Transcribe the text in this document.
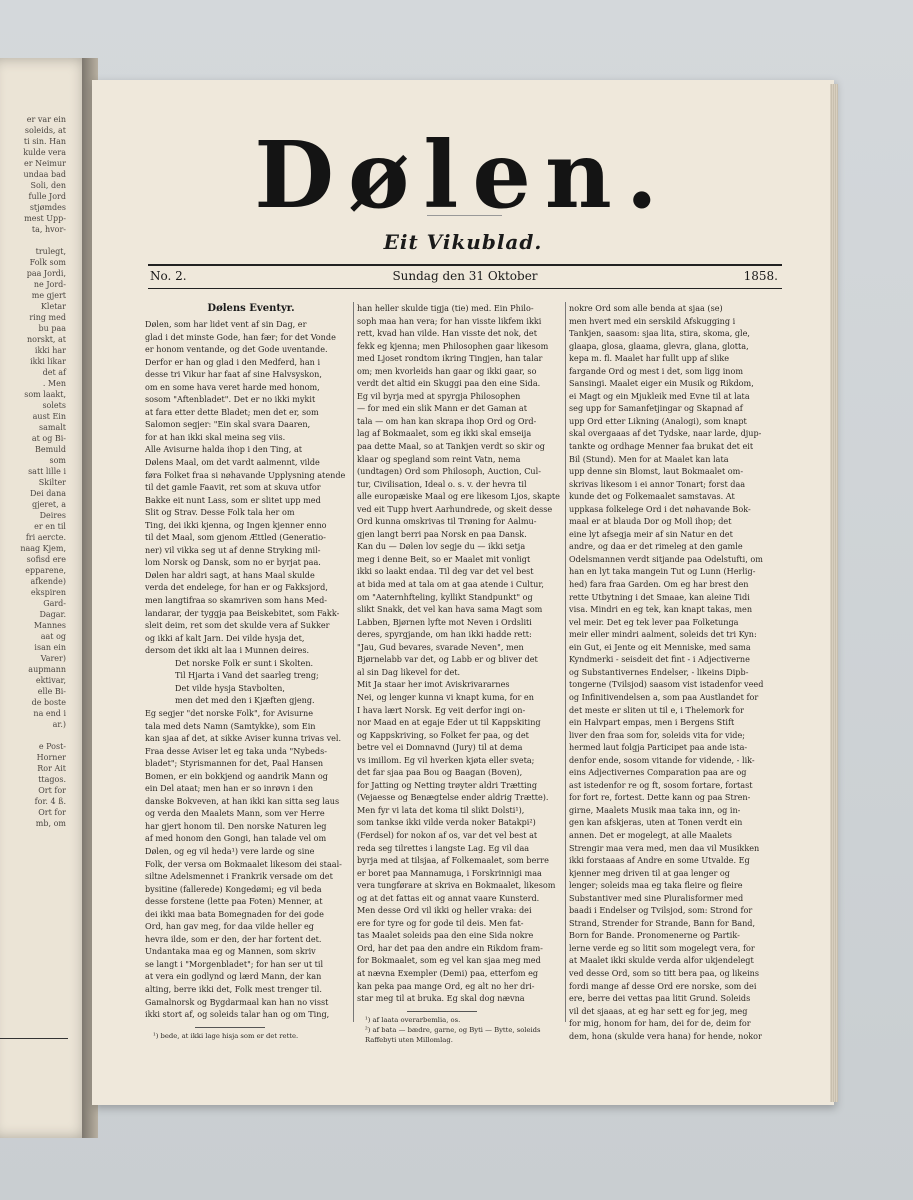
er var ein
soleids, at
ti sin. Han
kulde vera
er Neimur
undaa bad
Soli, den
fulle Jord
stjømdes
mest Upp-
ta, hvor-

trulegt,
Folk som
paa Jordi,
ne Jord-
me gjert
Kletar
ring med
bu paa
norskt, at
ikki har
ikki likar
det af
. Men
som laakt,
solets
aust Ein
samalt
at og Bi-
Bemuld
som
satt lille i
Skilter
Dei dana
gjeret, a
Deires
er en til
fri aercte.
naag Kjem,
sofisd ere
epparene,
afkende)
ekspiren
Gard-
Dagar.
Mannes
aat og
isan ein
Varer)
aupmann
ektivar,
elle Bi-
de boste
na end i
ar.)

e Post-
Horner
Ror Ait
ttagos.
Ort for
for. 4 ß.
Ort for
mb, om
Dølen.
Eit Vikublad.
No. 2.	Sundag den 31 Oktober	1858.
Dølens Eventyr.

Dølen, som har lidet vent af sin Dag, er
glad i det minste Gode, han fær; for det Vonde
er honom ventande, og det Gode uventande.
Derfor er han og glad i den Medferd, han i
desse tri Vikur har faat af sine Halvsyskon,
om en some hava veret harde med honom,
sosom "Aftenbladet". Det er no ikki mykit
at fara etter dette Bladet; men det er, som
Salomon segjer: "Ein skal svara Daaren,
for at han ikki skal meina seg viis.
Alle Avisurne halda ihop i den Ting, at
Dølens Maal, om det vardt aalmennt, vilde
føra Folket fraa si nøhavande Upplysning atende
til det gamle Faavit, ret som at skuva utfor
Bakke eit nunt Lass, som er slitet upp med
Slit og Strav. Desse Folk tala her om
Ting, dei ikki kjenna, og Ingen kjenner enno
til det Maal, som gjenom Ættled (Generatio-
ner) vil vikka seg ut af denne Stryking mil-
lom Norsk og Dansk, som no er byrjat paa.
Dølen har aldri sagt, at hans Maal skulde
verda det endelege, for han er og Fakksjord,
men langtifraa so skamriven som hans Med-
landarar, der tyggja paa Beiskebitet, som Fakk-
sleit deim, ret som det skulde vera af Sukker
og ikki af kalt Jarn. Dei vilde hysja det,
dersom det ikki alt laa i Munnen deires.

Det norske Folk er sunt i Skolten.
Til Hjarta i Vand det saarleg treng;
Det vilde hysja Stavbolten,
men det med den i Kjæften gjeng.

Eg segjer "det norske Folk", for Avisurne
tala med dets Namn (Samtykke), som Ein
kan sjaa af det, at sikke Aviser kunna trivas vel.
Fraa desse Aviser let eg taka unda "Nybeds-
bladet"; Styrismannen for det, Paal Hansen
Bomen, er ein bokkjend og aandrik Mann og
ein Del ataat; men han er so inrøvn i den
danske Bokveven, at han ikki kan sitta seg laus
og verda den Maalets Mann, som ver Herre
har gjert honom til. Den norske Naturen leg
af med honom den Gongi, han talade vel om
Dølen, og eg vil heda¹) vere larde og sine
Folk, der versa om Bokmaalet likesom dei staal-
siltne Adelsmennet i Frankrik versade om det
bysitine (fallerede) Kongedømi; eg vil beda
desse forstene (lette paa Foten) Menner, at
dei ikki maa bata Bomegnaden for dei gode
Ord, han gav meg, for daa vilde heller eg
hevra ilde, som er den, der har fortent det.
Undantaka maa eg og Mannen, som skriv
se langt i "Morgenbladet"; for han ser ut til
at vera ein godlynd og lærd Mann, der kan
alting, berre ikki det, Folk mest trenger til.
Gamalnorsk og Bygdarmaal kan han no visst
ikki stort af, og soleids talar han og om Ting,

¹) bede, at ikki lage hisja som er det rette.

han heller skulde tigja (tie) med. Ein Philo-
soph maa han vera; for han visste likfem ikki
rett, kvad han vilde. Han visste det nok, det
fekk eg kjenna; men Philosophen gaar likesom
med Ljoset rondtom ikring Tingjen, han talar
om; men kvorleids han gaar og ikki gaar, so
verdt det altid ein Skuggi paa den eine Sida.
Eg vil byrja med at spyrgja Philosophen
— for med ein slik Mann er det Gaman at
tala — om han kan skrapa ihop Ord og Ord-
lag af Bokmaalet, som eg ikki skal emseija
paa dette Maal, so at Tankjen verdt so skir og
klaar og spegland som reint Vatn, nema
(undtagen) Ord som Philosoph, Auction, Cul-
tur, Civilisation, Ideal o. s. v. der hevra til
alle europæiske Maal og ere likesom Ljos, skapte
ved eit Tupp hvert Aarhundrede, og skeit desse
Ord kunna omskrivas til Trøning for Aalmu-
gjen langt berri paa Norsk en paa Dansk.
Kan du — Dølen lov segje du — ikki setja
meg i denne Beit, so er Maalet mit vonligt
ikki so laakt endaa. Til deg var det vel best
at bida med at tala om at gaa atende i Cultur,
om "Aaternhfteling, kyllikt Standpunkt" og
slikt Snakk, det vel kan hava sama Magt som
Labben, Bjørnen lyfte mot Neven i Ordsliti
deres, spyrgjande, om han ikki hadde rett:
"Jau, Gud bevares, svarade Neven", men
Bjørnelabb var det, og Labb er og bliver det
al sin Dag likevel for det.
Mit Ja staar her imot Aviskrivararnes
Nei, og lenger kunna vi knapt kuma, for en
I hava lært Norsk. Eg veit derfor ingi on-
nor Maad en at egaje Eder ut til Kappskiting
og Kappskriving, so Folket fer paa, og det
betre vel ei Domnavnd (Jury) til at dema
vs imillom. Eg vil hverken kjøta eller sveta;
det far sjaa paa Bou og Baagan (Boven),
for Jatting og Netting trøyter aldri Trætting
(Vejaesse og Benægtelse ender aldrig Trætte).
Men fyr vi lata det koma til slikt Dolsti¹),
som tankse ikki vilde verda noker Batakpi²)
(Ferdsel) for nokon af os, var det vel best at
reda seg tilrettes i langste Lag. Eg vil daa
byrja med at tilsjaa, af Folkemaalet, som berre
er boret paa Mannamuga, i Forskrinnigi maa
vera tungførare at skriva en Bokmaalet, likesom
og at det fattas eit og annat vaare Kunsterd.
Men desse Ord vil ikki og heller vraka: dei
ere for tyre og for gode til deis. Men fat-
tas Maalet soleids paa den eine Sida nokre
Ord, har det paa den andre ein Rikdom fram-
for Bokmaalet, som eg vel kan sjaa meg med
at nævna Exempler (Demi) paa, etterfom eg
kan peka paa mange Ord, eg alt no her dri-
star meg til at bruka. Eg skal dog nævna

¹) af laata overarbemlia, os.
²) af bata — bædre, garne, og Byti — Bytte, soleids
Raffebyti uten Millomlag.

nokre Ord som alle benda at sjaa (se)
men hvert med ein serskild Afskugging i
Tankjen, saasom: sjaa lita, stira, skoma, gle,
glaapa, glosa, glaama, glevra, glana, glotta,
kepa m. fl. Maalet har fullt upp af slike
fargande Ord og mest i det, som ligg inom
Sansingi. Maalet eiger ein Musik og Rikdom,
ei Magt og ein Mjukleik med Evne til at lata
seg upp for Samanfetjingar og Skapnad af
upp Ord etter Likning (Analogi), som knapt
skal overgaaas af det Tydske, naar larde, djup-
tankte og ordhage Menner faa brukat det eit
Bil (Stund). Men for at Maalet kan lata
upp denne sin Blomst, laut Bokmaalet om-
skrivas likesom i ei annor Tonart; forst daa
kunde det og Folkemaalet samstavas. At
uppkasa folkelege Ord i det nøhavande Bok-
maal er at blauda Dor og Moll ihop; det
eine lyt afsegja meir af sin Natur en det
andre, og daa er det rimeleg at den gamle
Odelsmannen verdt sitjande paa Odelstufti, om
han en lyt taka mangein Tut og Lunn (Herlig-
hed) fara fraa Garden. Om eg har brest den
rette Utbytning i det Smaae, kan aleine Tidi
visa. Mindri en eg tek, kan knapt takas, men
vel meir. Det eg tek lever paa Folketunga
meir eller mindri aalment, soleids det tri Kyn:
ein Gut, ei Jente og eit Menniske, med sama
Kyndmerki - seisdeit det fint - i Adjectiverne
og Substantivernes Endelser, - likeins Dipb-
tongerne (Tvilsjod) saasom vist istadenfor veed
og Infinitivendelsen a, som paa Austlandet for
det meste er sliten ut til e, i Thelemork for
ein Halvpart empas, men i Bergens Stift
liver den fraa som for, soleids vita for vide;
hermed laut folgja Participet paa ande ista-
denfor ende, sosom vitande for vidende, - lik-
eins Adjectivernes Comparation paa are og
ast istedenfor re og ft, sosom fortare, fortast
for fort re, fortest. Dette kann og paa Stren-
girne, Maalets Musik maa taka inn, og in-
gen kan afskjeras, uten at Tonen verdt ein
annen. Det er mogelegt, at alle Maalets
Strengir maa vera med, men daa vil Musikken
ikki forstaaas af Andre en some Utvalde. Eg
kjenner meg driven til at gaa lenger og
lenger; soleids maa eg taka fleire og fleire
Substantiver med sine Pluralisformer med
baadi i Endelser og Tvilsjod, som: Strond for
Strand, Strender for Strande, Bann for Band,
Born for Bande. Pronomenerne og Partik-
lerne verde eg so litit som mogelegt vera, for
at Maalet ikki skulde verda alfor ukjendelegt
ved desse Ord, som so titt bera paa, og likeins
fordi mange af desse Ord ere norske, som dei
ere, berre dei vettas paa litit Grund. Soleids
vil det sjaaas, at eg har sett eg for jeg, meg
for mig, honom for ham, dei for de, deim for
dem, hona (skulde vera hana) for hende, nokor
